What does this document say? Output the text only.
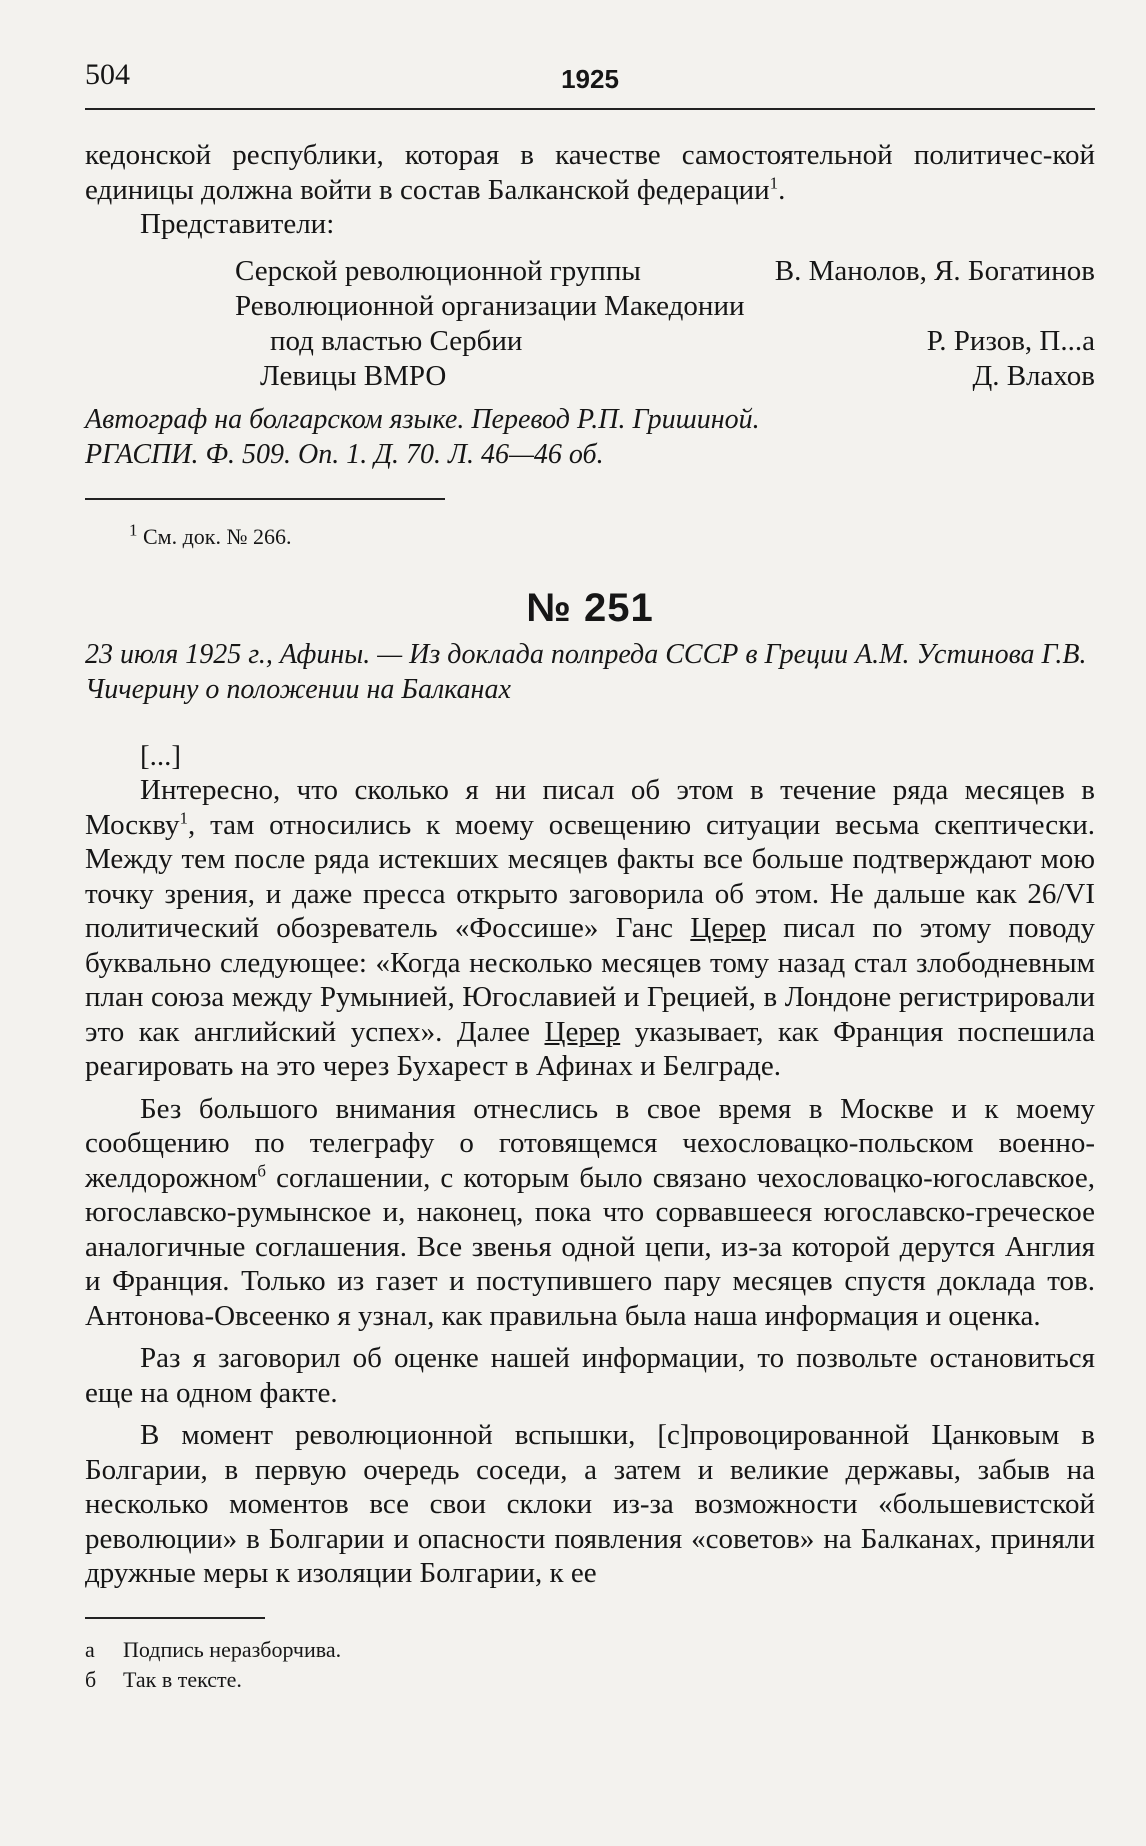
504	1925

кедонской республики, которая в качестве самостоятельной политичес-кой единицы должна войти в состав Балканской федерации$^1$.

Представители:

Серской революционной группы	В. Манолов, Я. Богатинов
Революционной организации Македонии	
под властью Сербии	Р. Ризов, П...а
Левицы ВМРО	Д. Влахов
Автограф на болгарском языке. Перевод Р.П. Гришиной.
РГАСПИ. Ф. 509. Оп. 1. Д. 70. Л. 46—46 об.
$^1$ См. док. № 266.
№ 251
23 июля 1925 г., Афины. — Из доклада полпреда СССР в Греции А.М. Устинова Г.В. Чичерину о положении на Балканах

[...]

Интересно, что сколько я ни писал об этом в течение ряда месяцев в Москву$^1$, там относились к моему освещению ситуации весьма скептически. Между тем после ряда истекших месяцев факты все больше подтверждают мою точку зрения, и даже пресса открыто заговорила об этом. Не дальше как 26/VI политический обозреватель «Фоссише» Ганс Церер писал по этому поводу буквально следующее: «Когда несколько месяцев тому назад стал злободневным план союза между Румынией, Югославией и Грецией, в Лондоне регистрировали это как английский успех». Далее Церер указывает, как Франция поспешила реагировать на это через Бухарест в Афинах и Белграде.

Без большого внимания отнеслись в свое время в Москве и к моему сообщению по телеграфу о готовящемся чехословацко-польском военно-желдорожном$^б$ соглашении, с которым было связано чехословацко-югославское, югославско-румынское и, наконец, пока что сорвавшееся югославско-греческое аналогичные соглашения. Все звенья одной цепи, из-за которой дерутся Англия и Франция. Только из газет и поступившего пару месяцев спустя доклада тов. Антонова-Овсеенко я узнал, как правильна была наша информация и оценка.

Раз я заговорил об оценке нашей информации, то позвольте остановиться еще на одном факте.

В момент революционной вспышки, [с]провоцированной Цанковым в Болгарии, в первую очередь соседи, а затем и великие державы, забыв на несколько моментов все свои склоки из-за возможности «большевистской революции» в Болгарии и опасности появления «советов» на Балканах, приняли дружные меры к изоляции Болгарии, к ее

а	Подпись неразборчива.
б	Так в тексте.
